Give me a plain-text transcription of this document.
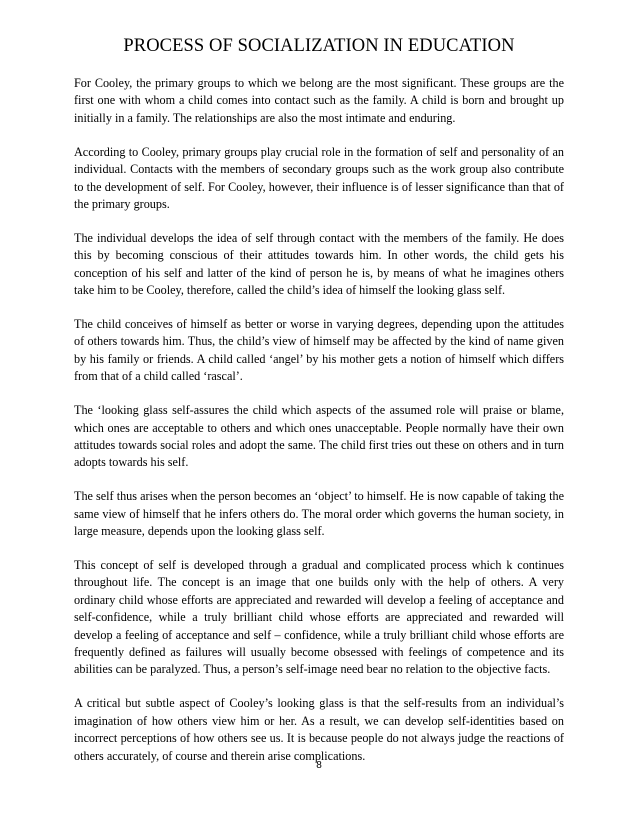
PROCESS OF SOCIALIZATION IN EDUCATION

For Cooley, the primary groups to which we belong are the most significant. These groups are the first one with whom a child comes into contact such as the family. A child is born and brought up initially in a family. The relationships are also the most intimate and enduring.

According to Cooley, primary groups play crucial role in the formation of self and personality of an individual. Contacts with the members of secondary groups such as the work group also contribute to the development of self. For Cooley, however, their influence is of lesser significance than that of the primary groups.

The individual develops the idea of self through contact with the members of the family. He does this by becoming conscious of their attitudes towards him. In other words, the child gets his conception of his self and latter of the kind of person he is, by means of what he imagines others take him to be Cooley, therefore, called the child’s idea of himself the looking glass self.

The child conceives of himself as better or worse in varying degrees, depending upon the attitudes of others towards him. Thus, the child’s view of himself may be affected by the kind of name given by his family or friends. A child called ‘angel’ by his mother gets a notion of himself which differs from that of a child called ‘rascal’.

The ‘looking glass self-assures the child which aspects of the assumed role will praise or blame, which ones are acceptable to others and which ones unacceptable. People normally have their own attitudes towards social roles and adopt the same. The child first tries out these on others and in turn adopts towards his self.

The self thus arises when the person becomes an ‘object’ to himself. He is now capable of taking the same view of himself that he infers others do. The moral order which governs the human society, in large measure, depends upon the looking glass self.

This concept of self is developed through a gradual and complicated process which k continues throughout life. The concept is an image that one builds only with the help of others. A very ordinary child whose efforts are appreciated and rewarded will develop a feeling of acceptance and self-confidence, while a truly brilliant child whose efforts are appreciated and rewarded will develop a feeling of acceptance and self – confidence, while a truly brilliant child whose efforts are frequently defined as failures will usually become obsessed with feelings of competence and its abilities can be paralyzed. Thus, a person’s self-image need bear no relation to the objective facts.

A critical but subtle aspect of Cooley’s looking glass is that the self-results from an individual’s imagination of how others view him or her. As a result, we can develop self-identities based on incorrect perceptions of how others see us. It is because people do not always judge the reactions of others accurately, of course and therein arise complications.

8
